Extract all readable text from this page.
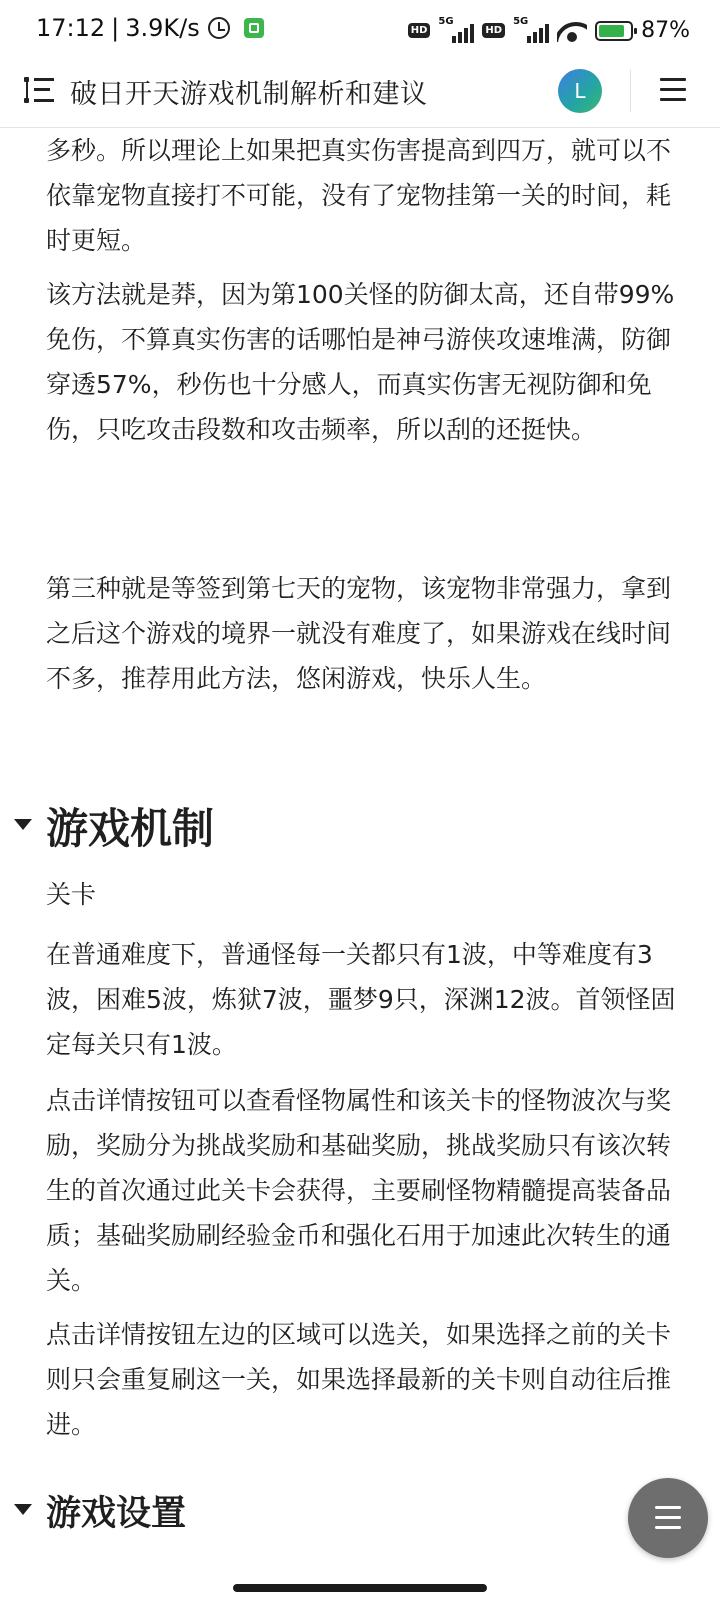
17:12 | 3.9K/s	HD
5G
HD
5G	87%
破日开天游戏机制解析和建议	L
多秒。所以理论上如果把真实伤害提高到四万，就可以不依靠宠物直接打不可能，没有了宠物挂第一关的时间，耗时更短。
该方法就是莽，因为第100关怪的防御太高，还自带99%免伤，不算真实伤害的话哪怕是神弓游侠攻速堆满，防御穿透57%，秒伤也十分感人，而真实伤害无视防御和免伤，只吃攻击段数和攻击频率，所以刮的还挺快。
第三种就是等签到第七天的宠物，该宠物非常强力，拿到之后这个游戏的境界一就没有难度了，如果游戏在线时间不多，推荐用此方法，悠闲游戏，快乐人生。
游戏机制
关卡
在普通难度下，普通怪每一关都只有1波，中等难度有3波，困难5波，炼狱7波，噩梦9只，深渊12波。首领怪固定每关只有1波。
点击详情按钮可以查看怪物属性和该关卡的怪物波次与奖励，奖励分为挑战奖励和基础奖励，挑战奖励只有该次转生的首次通过此关卡会获得，主要刷怪物精髓提高装备品质；基础奖励刷经验金币和强化石用于加速此次转生的通关。
点击详情按钮左边的区域可以选关，如果选择之前的关卡则只会重复刷这一关，如果选择最新的关卡则自动往后推进。
游戏设置
